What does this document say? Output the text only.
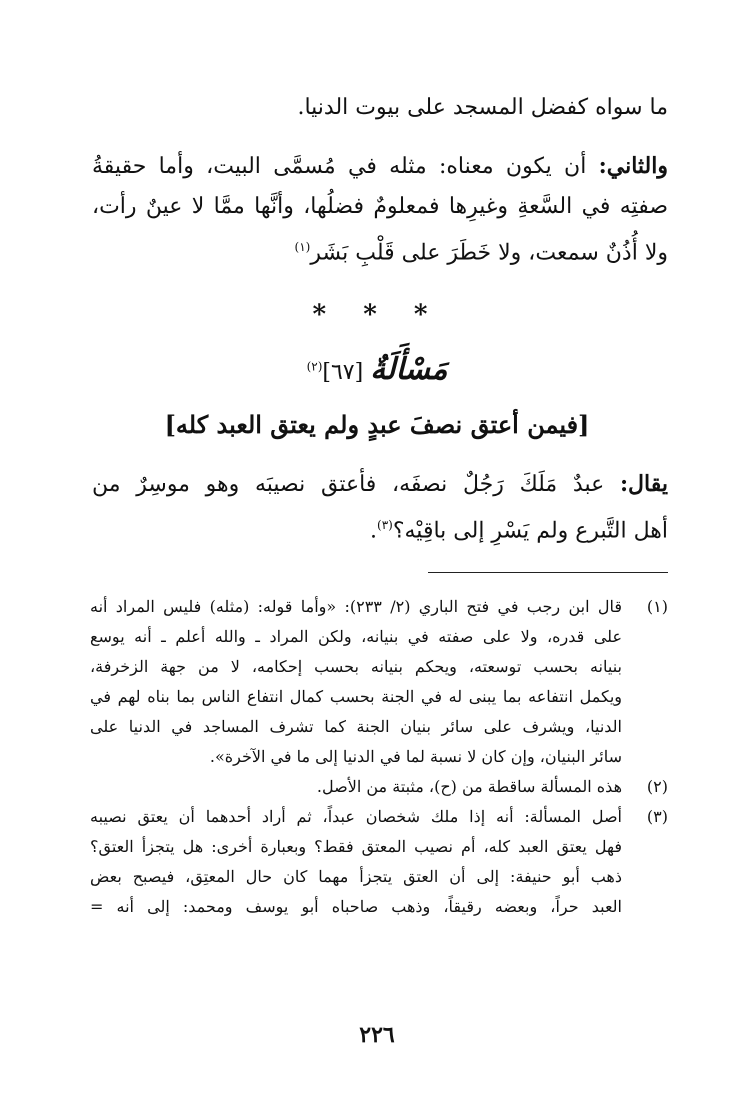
ما سواه كفضل المسجد على بيوت الدنيا.
والثاني: أن يكون معناه: مثله في مُسمَّى البيت، وأما حقيقةُ
صفتِه في السَّعةِ وغيرِها فمعلومٌ فضلُها، وأنَّها ممَّا لا عينٌ رأت،
ولا أُذُنٌ سمعت، ولا خَطَرَ على قَلْبِ بَشَر$^{(١)}$
* * *
مَسْأَلَةٌ [٦٧]$^{(٢)}$
[فيمن أعتق نصفَ عبدٍ ولم يعتق العبد كله]
يقال: عبدٌ مَلَكَ رَجُلٌ نصفَه، فأعتق نصيبَه وهو موسِرٌ من
أهل التَّبرع ولم يَسْرِ إلى باقِيْه؟$^{(٣)}$.
(١)
قال ابن رجب في فتح الباري (٢/ ٢٣٣): «وأما قوله: (مثله) فليس المراد أنه
على قدره، ولا على صفته في بنيانه، ولكن المراد ـ والله أعلم ـ أنه يوسع
بنيانه بحسب توسعته، ويحكم بنيانه بحسب إحكامه، لا من جهة الزخرفة،
ويكمل انتفاعه بما يبنى له في الجنة بحسب كمال انتفاع الناس بما بناه لهم في
الدنيا، ويشرف على سائر بنيان الجنة كما تشرف المساجد في الدنيا على
سائر البنيان، وإن كان لا نسبة لما في الدنيا إلى ما في الآخرة».
(٢)
هذه المسألة ساقطة من (ح)، مثبتة من الأصل.
(٣)
أصل المسألة: أنه إذا ملك شخصان عبداً، ثم أراد أحدهما أن يعتق نصيبه
فهل يعتق العبد كله، أم نصيب المعتق فقط؟ وبعبارة أخرى: هل يتجزأ العتق؟
ذهب أبو حنيفة: إلى أن العتق يتجزأ مهما كان حال المعتِق، فيصبح بعض
العبد حراً، وبعضه رقيقاً، وذهب صاحباه أبو يوسف ومحمد: إلى أنه =
٢٢٦
